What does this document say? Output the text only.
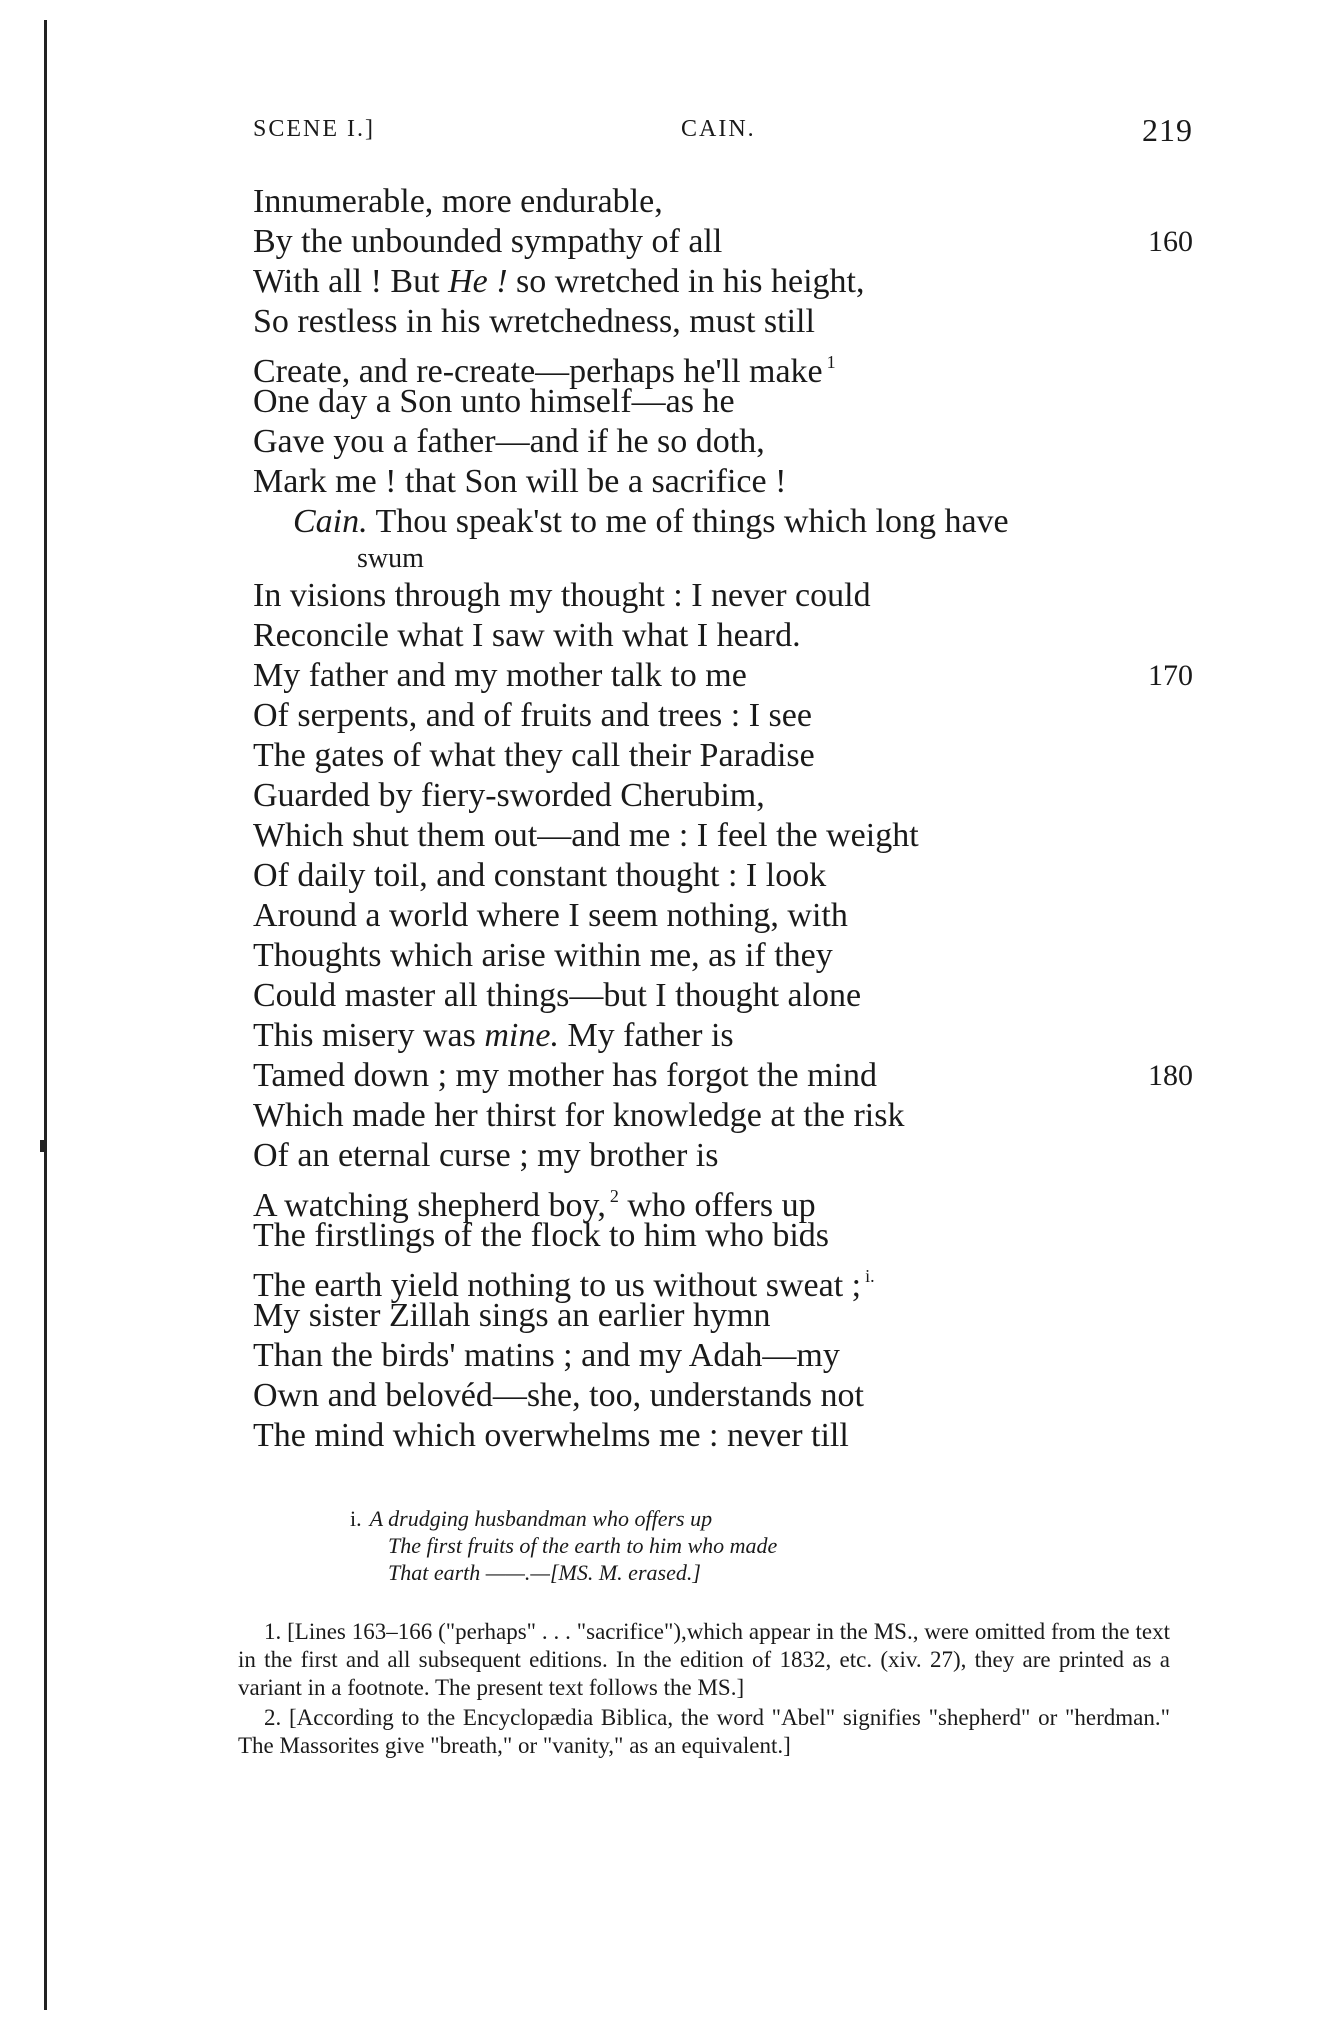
SCENE I.]	CAIN.	219
Innumerable, more endurable,
By the unbounded sympathy of all	160
With all ! But He ! so wretched in his height,
So restless in his wretchedness, must still
Create, and re-create—perhaps he'll make $^1$
One day a Son unto himself—as he
Gave you a father—and if he so doth,
Mark me ! that Son will be a sacrifice !
Cain. Thou speak'st to me of things which long have
swum
In visions through my thought : I never could
Reconcile what I saw with what I heard.
My father and my mother talk to me	170
Of serpents, and of fruits and trees : I see
The gates of what they call their Paradise
Guarded by fiery-sworded Cherubim,
Which shut them out—and me : I feel the weight
Of daily toil, and constant thought : I look
Around a world where I seem nothing, with
Thoughts which arise within me, as if they
Could master all things—but I thought alone
This misery was mine. My father is
Tamed down ; my mother has forgot the mind	180
Which made her thirst for knowledge at the risk
Of an eternal curse ; my brother is
A watching shepherd boy, $^2$ who offers up
The firstlings of the flock to him who bids
The earth yield nothing to us without sweat ; $^{i.}$
My sister Zillah sings an earlier hymn
Than the birds' matins ; and my Adah—my
Own and belovéd—she, too, understands not
The mind which overwhelms me : never till
i. A drudging husbandman who offers up
The first fruits of the earth to him who made
That earth ——.—[MS. M. erased.]

1. [Lines 163–166 ("perhaps" . . . "sacrifice"),which appear in the MS., were omitted from the text in the first and all subsequent editions. In the edition of 1832, etc. (xiv. 27), they are printed as a variant in a footnote. The present text follows the MS.]

2. [According to the Encyclopædia Biblica, the word "Abel" signifies "shepherd" or "herdman." The Massorites give "breath," or "vanity," as an equivalent.]
